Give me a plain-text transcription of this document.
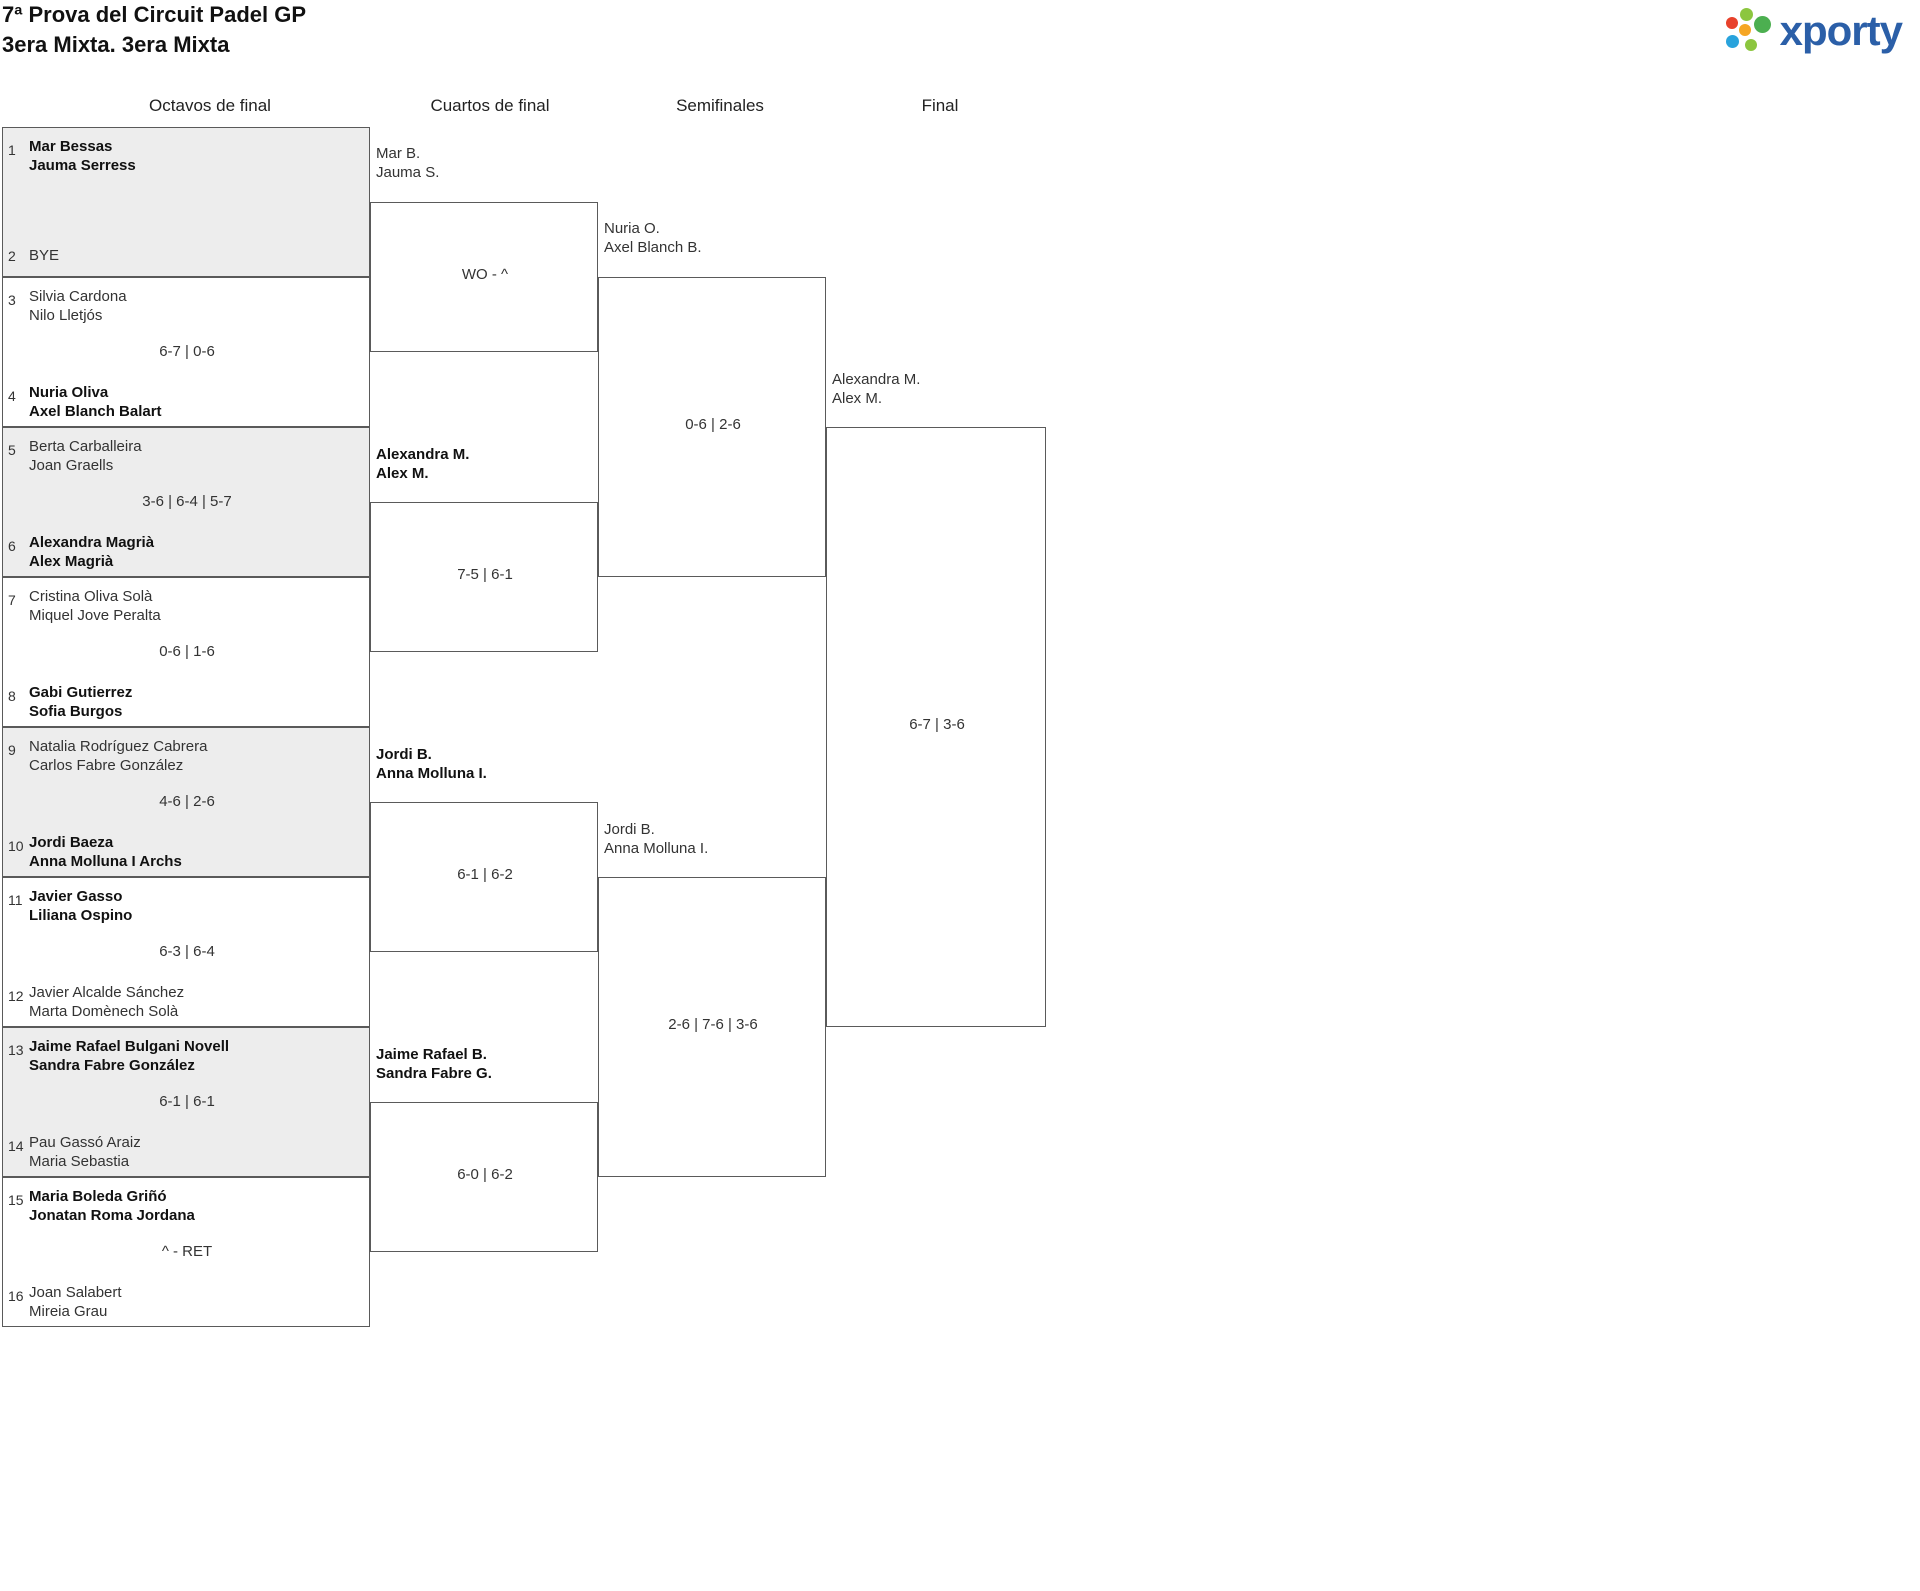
7ª Prova del Circuit Padel GP
3era Mixta. 3era Mixta	xporty
Octavos de final	Cuartos de final	Semifinales	Final
1 Mar Bessas
Jauma Serress
2 BYE
3 Silvia Cardona
Nilo Lletjós
6-7 | 0-6
4 Nuria Oliva
Axel Blanch Balart
5 Berta Carballeira
Joan Graells
3-6 | 6-4 | 5-7
6 Alexandra Magrià
Alex Magrià
7 Cristina Oliva Solà
Miquel Jove Peralta
0-6 | 1-6
8 Gabi Gutierrez
Sofia Burgos
9 Natalia Rodríguez Cabrera
Carlos Fabre González
4-6 | 2-6
10 Jordi Baeza
Anna Molluna I Archs
11 Javier Gasso
Liliana Ospino
6-3 | 6-4
12 Javier Alcalde Sánchez
Marta Domènech Solà
13 Jaime Rafael Bulgani Novell
Sandra Fabre González
6-1 | 6-1
14 Pau Gassó Araiz
Maria Sebastia
15 Maria Boleda Griñó
Jonatan Roma Jordana
^ - RET
16 Joan Salabert
Mireia Grau
Mar B.
Jauma S.
Alexandra M.
Alex M.
Jordi B.
Anna Molluna I.
Jaime Rafael B.
Sandra Fabre G.
WO - ^
7-5 | 6-1
6-1 | 6-2
6-0 | 6-2
Nuria O.
Axel Blanch B.
Jordi B.
Anna Molluna I.
0-6 | 2-6
2-6 | 7-6 | 3-6
Alexandra M.
Alex M.
6-7 | 3-6
